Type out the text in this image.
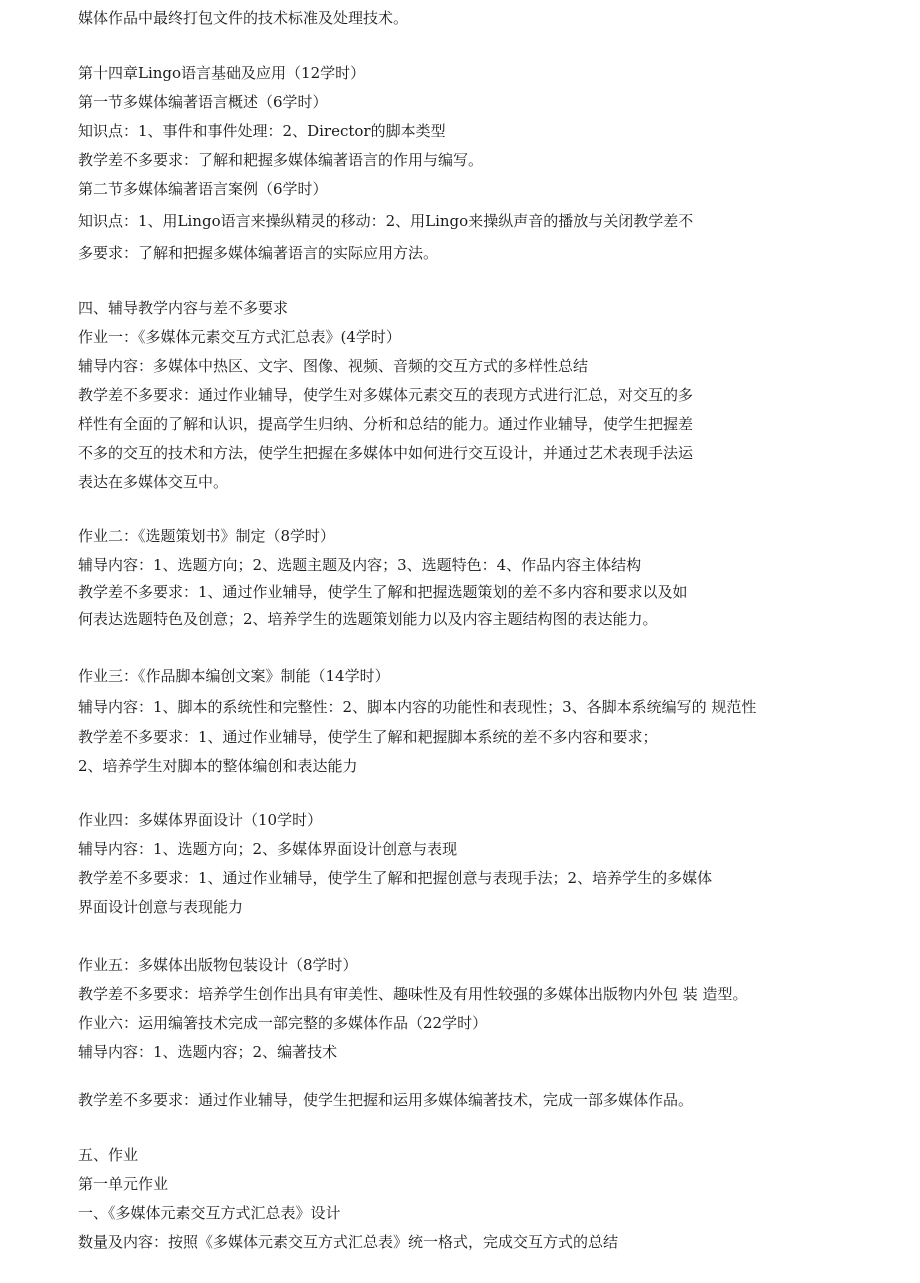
媒体作品中最终打包文件的技术标准及处理技术。

第十四章Lingo语言基础及应用（12学时）

第一节多媒体编著语言概述（6学时）

知识点：1、事件和事件处理：2、Director的脚本类型

教学差不多要求：了解和耙握多媒体编著语言的作用与编写。

第二节多媒体编著语言案例（6学时）

知识点：1、用Lingo语言来操纵精灵的移动：2、用Lingo来操纵声音的播放与关闭教学差不

多要求：了解和把握多媒体编著语言的实际应用方法。

四、辅导教学内容与差不多要求

作业一：《多媒体元素交互方式汇总表》(4学时）

辅导内容：多媒体中热区、文字、图像、视频、音频的交互方式的多样性总结

教学差不多要求：通过作业辅导，使学生对多媒体元素交互的表现方式进行汇总，对交互的多

样性有全面的了解和认识，提高学生归纳、分析和总结的能力。通过作业辅导，使学生把握差

不多的交互的技术和方法，使学生把握在多媒体中如何进行交互设计，并通过艺术表现手法运

表达在多媒体交互中。

作业二：《选题策划书》制定（8学时）

辅导内容：1、选题方向；2、选题主题及内容；3、选题特色：4、作品内容主体结构

教学差不多要求：1、通过作业辅导，使学生了解和把握选题策划的差不多内容和要求以及如

何表达选题特色及创意；2、培养学生的选题策划能力以及内容主题结构图的表达能力。

作业三：《作品脚本编创文案》制能（14学时）

辅导内容：1、脚本的系统性和完整性：2、脚本内容的功能性和表现性；3、各脚本系统编写的 规范性

教学差不多要求：1、通过作业辅导，使学生了解和耙握脚本系统的差不多内容和要求；

2、培养学生对脚本的整体编创和表达能力

作业四：多媒体界面设计（10学时）

辅导内容：1、选题方向；2、多媒体界面设计创意与表现

教学差不多要求：1、通过作业辅导，使学生了解和把握创意与表现手法；2、培养学生的多媒体

界面设计创意与表现能力

作业五：多媒体出版物包装设计（8学时）

教学差不多要求：培养学生创作出具有审美性、趣味性及有用性较强的多媒体出版物内外包 装 造型。

作业六：运用编箸技术完成一部完整的多媒体作品（22学时）

辅导内容：1、选题内容；2、编著技术

教学差不多要求：通过作业辅导，使学生把握和运用多媒体编著技术，完成一部多媒体作品。

五、作业

第一单元作业

一、《多媒体元素交互方式汇总表》设计

数量及内容：按照《多媒体元素交互方式汇总表》统一格式，完成交互方式的总结
